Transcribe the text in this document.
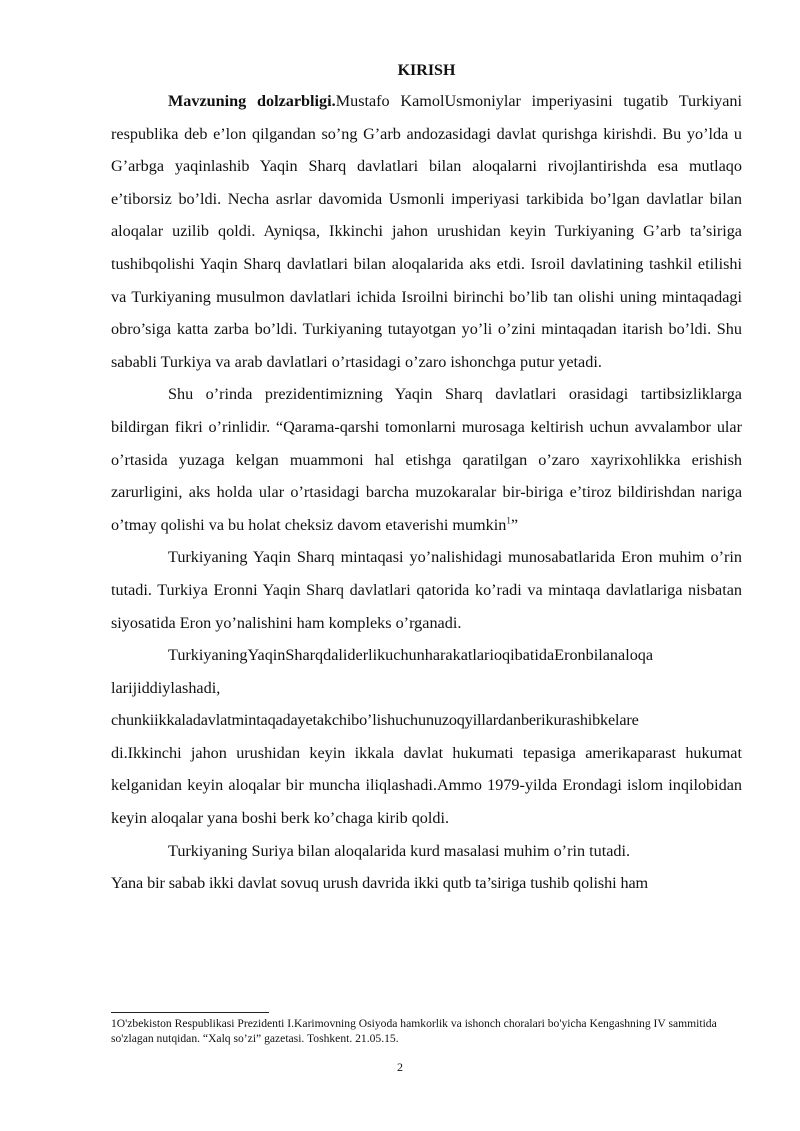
KIRISH

Mavzuning dolzarbligi.Mustafo KamolUsmoniylar imperiyasini tugatib Turkiyani respublika deb e’lon qilgandan so’ng G’arb andozasidagi davlat qurishga kirishdi. Bu yo’lda u G’arbga yaqinlashib Yaqin Sharq davlatlari bilan aloqalarni rivojlantirishda esa mutlaqo e’tiborsiz bo’ldi. Necha asrlar davomida Usmonli imperiyasi tarkibida bo’lgan davlatlar bilan aloqalar uzilib qoldi. Ayniqsa, Ikkinchi jahon urushidan keyin Turkiyaning G’arb ta’siriga tushibqolishi Yaqin Sharq davlatlari bilan aloqalarida aks etdi. Isroil davlatining tashkil etilishi va Turkiyaning musulmon davlatlari ichida Isroilni birinchi bo’lib tan olishi uning mintaqadagi obro’siga katta zarba bo’ldi. Turkiyaning tutayotgan yo’li o’zini mintaqadan itarish bo’ldi. Shu sababli Turkiya va arab davlatlari o’rtasidagi o’zaro ishonchga putur yetadi.

Shu o’rinda prezidentimizning Yaqin Sharq davlatlari orasidagi tartibsizliklarga bildirgan fikri o’rinlidir. “Qarama-qarshi tomonlarni murosaga keltirish uchun avvalambor ular o’rtasida yuzaga kelgan muammoni hal etishga qaratilgan o’zaro xayrixohlikka erishish zarurligini, aks holda ular o’rtasidagi barcha muzokaralar bir-biriga e’tiroz bildirishdan nariga o’tmay qolishi va bu holat cheksiz davom etaverishi mumkin$^1$”

Turkiyaning Yaqin Sharq mintaqasi yo’nalishidagi munosabatlarida Eron muhim o’rin tutadi. Turkiya Eronni Yaqin Sharq davlatlari qatorida ko’radi va mintaqa davlatlariga nisbatan siyosatida Eron yo’nalishini ham kompleks o’rganadi.

TurkiyaningYaqinSharqdaliderlikuchunharakatlarioqibatidaEronbilanaloqa

larijiddiylashadi,

chunkiikkaladavlatmintaqadayetakchibo’lishuchunuzoqyillardanberikurashibkelare

di.Ikkinchi jahon urushidan keyin ikkala davlat hukumati tepasiga amerikaparast hukumat kelganidan keyin aloqalar bir muncha iliqlashadi.Ammo 1979-yilda Erondagi islom inqilobidan keyin aloqalar yana boshi berk ko’chaga kirib qoldi.

Turkiyaning Suriya bilan aloqalarida kurd masalasi muhim o’rin tutadi.

Yana bir sabab ikki davlat sovuq urush davrida ikki qutb ta’siriga tushib qolishi ham

1O'zbekiston Respublikasi Prezidenti I.Karimovning Osiyoda hamkorlik va ishonch choralari bo'yicha Kengashning IV sammitida so'zlagan nutqidan. “Xalq so’zi” gazetasi. Toshkent. 21.05.15.

2
